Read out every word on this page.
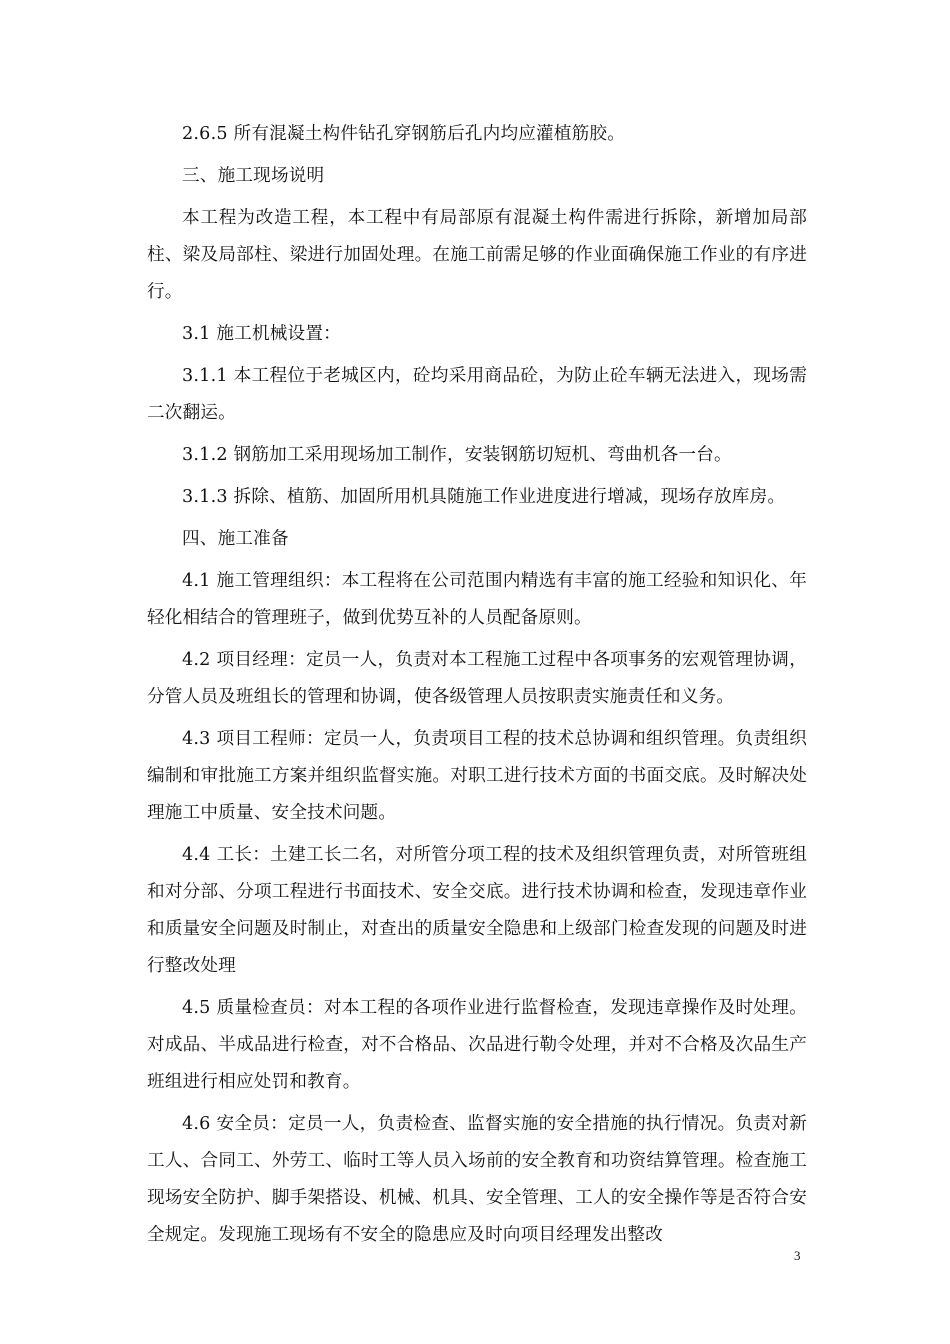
2.6.5 所有混凝土构件钻孔穿钢筋后孔内均应灌植筋胶。

三、施工现场说明

本工程为改造工程，本工程中有局部原有混凝土构件需进行拆除，新增加局部柱、梁及局部柱、梁进行加固处理。在施工前需足够的作业面确保施工作业的有序进行。

3.1 施工机械设置：

3.1.1 本工程位于老城区内，砼均采用商品砼，为防止砼车辆无法进入，现场需二次翻运。

3.1.2 钢筋加工采用现场加工制作，安装钢筋切短机、弯曲机各一台。

3.1.3 拆除、植筋、加固所用机具随施工作业进度进行增减，现场存放库房。

四、施工准备

4.1 施工管理组织：本工程将在公司范围内精选有丰富的施工经验和知识化、年轻化相结合的管理班子，做到优势互补的人员配备原则。

4.2 项目经理：定员一人，负责对本工程施工过程中各项事务的宏观管理协调，分管人员及班组长的管理和协调，使各级管理人员按职责实施责任和义务。

4.3 项目工程师：定员一人，负责项目工程的技术总协调和组织管理。负责组织编制和审批施工方案并组织监督实施。对职工进行技术方面的书面交底。及时解决处理施工中质量、安全技术问题。

4.4 工长：土建工长二名，对所管分项工程的技术及组织管理负责，对所管班组和对分部、分项工程进行书面技术、安全交底。进行技术协调和检查，发现违章作业和质量安全问题及时制止，对查出的质量安全隐患和上级部门检查发现的问题及时进行整改处理

4.5 质量检查员：对本工程的各项作业进行监督检查，发现违章操作及时处理。对成品、半成品进行检查，对不合格品、次品进行勒令处理，并对不合格及次品生产班组进行相应处罚和教育。

4.6 安全员：定员一人，负责检查、监督实施的安全措施的执行情况。负责对新工人、合同工、外劳工、临时工等人员入场前的安全教育和功资结算管理。检查施工现场安全防护、脚手架搭设、机械、机具、安全管理、工人的安全操作等是否符合安全规定。发现施工现场有不安全的隐患应及时向项目经理发出整改

3
